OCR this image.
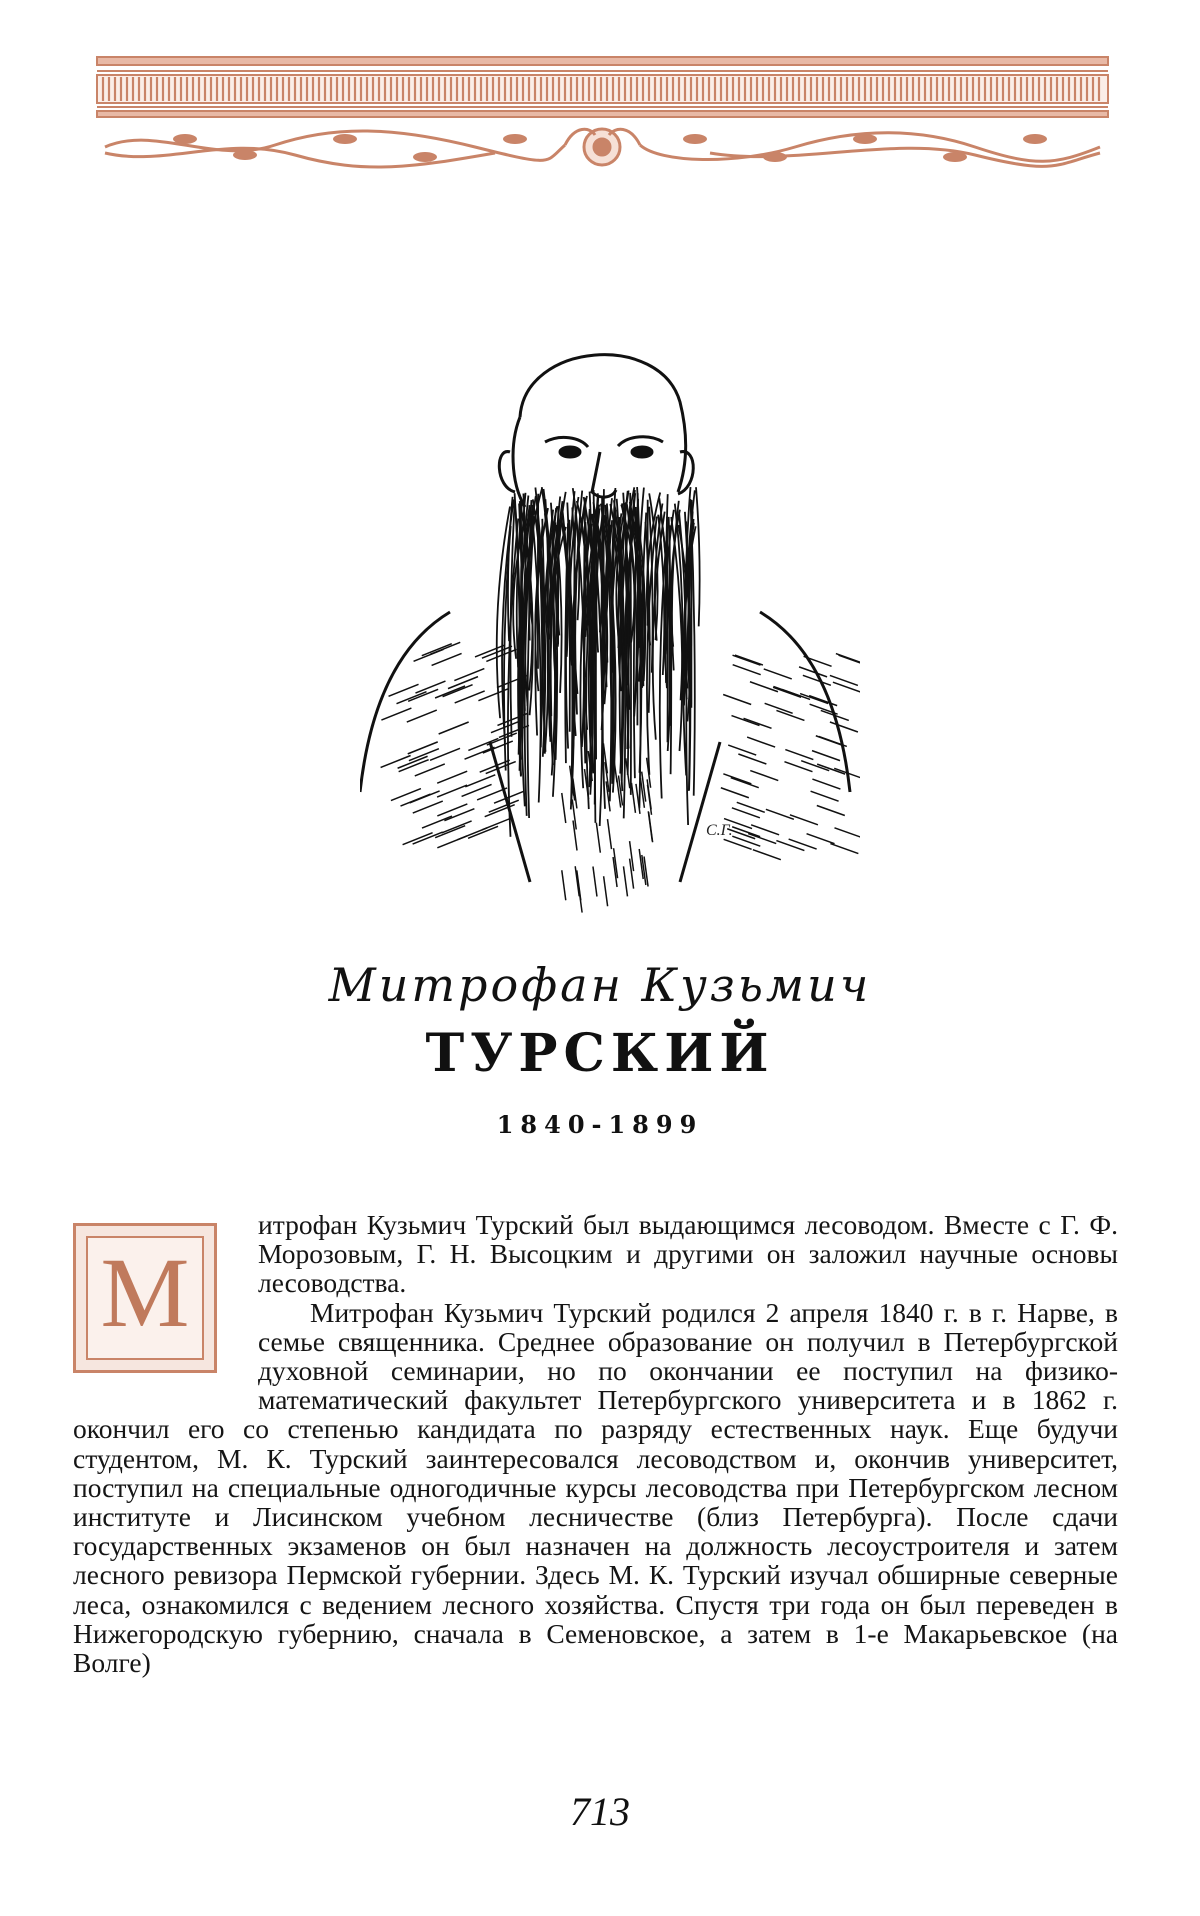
С.Г.
Митрофан Кузьмич
ТУРСКИЙ
1840-1899
М

итрофан Кузьмич Турский был выдающимся лесоводом. Вместе с Г. Ф. Морозовым, Г. Н. Высоцким и другими он заложил научные основы лесоводства.

Митрофан Кузьмич Турский родился 2 апреля 1840 г. в г. Нарве, в семье священника. Среднее образование он получил в Петербургской духовной семинарии, но по окончании ее поступил на физико-математический факультет Петербургского университета и в 1862 г. окончил его со степенью кандидата по разряду естественных наук. Еще будучи студентом, М. К. Турский заинтересовался лесоводством и, окончив университет, поступил на специальные одногодичные курсы лесоводства при Петербургском лесном институте и Лисинском учебном лесничестве (близ Петербурга). После сдачи государственных экзаменов он был назначен на должность лесоустроителя и затем лесного ревизора Пермской губернии. Здесь М. К. Турский изучал обширные северные леса, ознакомился с ведением лесного хозяйства. Спустя три года он был переведен в Нижегородскую губернию, сначала в Семеновское, а затем в 1-е Макарьевское (на Волге)

713
